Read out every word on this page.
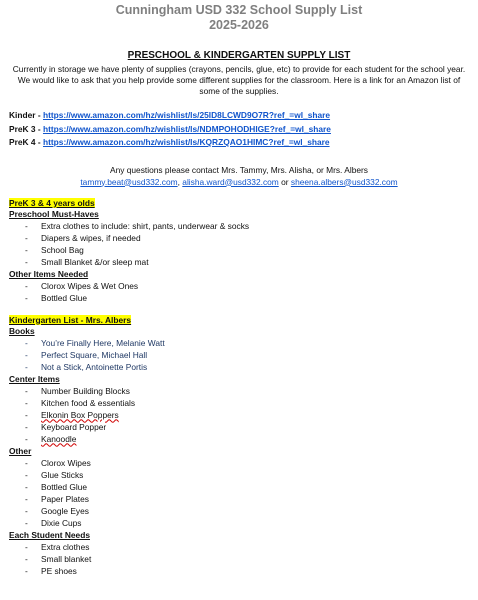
Cunningham USD 332 School Supply List
2025-2026
PRESCHOOL & KINDERGARTEN SUPPLY LIST
Currently in storage we have plenty of supplies (crayons, pencils, glue, etc) to provide for each student for the school year. We would like to ask that you help provide some different supplies for the classroom. Here is a link for an Amazon list of some of the supplies.
Kinder - https://www.amazon.com/hz/wishlist/ls/25ID8LCWD9O7R?ref_=wl_share
PreK 3 - https://www.amazon.com/hz/wishlist/ls/NDMPOHODHIGE?ref_=wl_share
PreK 4 - https://www.amazon.com/hz/wishlist/ls/KQRZQAO1HIMC?ref_=wl_share
Any questions please contact Mrs. Tammy, Mrs. Alisha, or Mrs. Albers
tammy.beat@usd332.com, alisha.ward@usd332.com or sheena.albers@usd332.com
PreK 3 & 4 years olds
Preschool Must-Haves
- Extra clothes to include: shirt, pants, underwear & socks
- Diapers & wipes, if needed
- School Bag
- Small Blanket &/or sleep mat
Other Items Needed
- Clorox Wipes & Wet Ones
- Bottled Glue
Kindergarten List - Mrs. Albers
Books
- You’re Finally Here, Melanie Watt
- Perfect Square, Michael Hall
- Not a Stick, Antoinette Portis
Center Items
- Number Building Blocks
- Kitchen food & essentials
- Elkonin Box Poppers
- Keyboard Popper
- Kanoodle
Other
- Clorox Wipes
- Glue Sticks
- Bottled Glue
- Paper Plates
- Google Eyes
- Dixie Cups
Each Student Needs
- Extra clothes
- Small blanket
- PE shoes
